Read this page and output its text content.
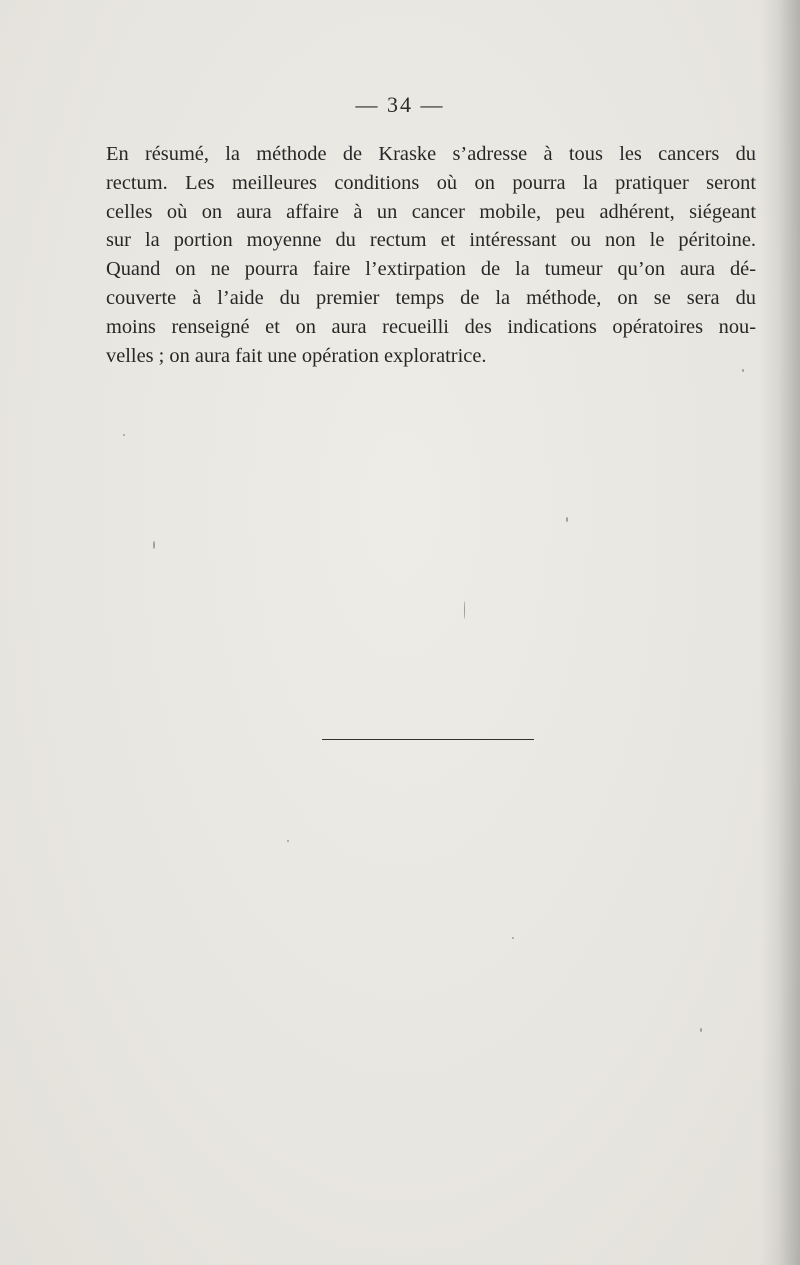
— 34 —
En résumé, la méthode de Kraske s’adresse à tous les cancers du
rectum. Les meilleures conditions où on pourra la pratiquer seront
celles où on aura affaire à un cancer mobile, peu adhérent, siégeant
sur la portion moyenne du rectum et intéressant ou non le péritoine.
Quand on ne pourra faire l’extirpation de la tumeur qu’on aura dé-
couverte à l’aide du premier temps de la méthode, on se sera du
moins renseigné et on aura recueilli des indications opératoires nou-
velles ; on aura fait une opération exploratrice.
